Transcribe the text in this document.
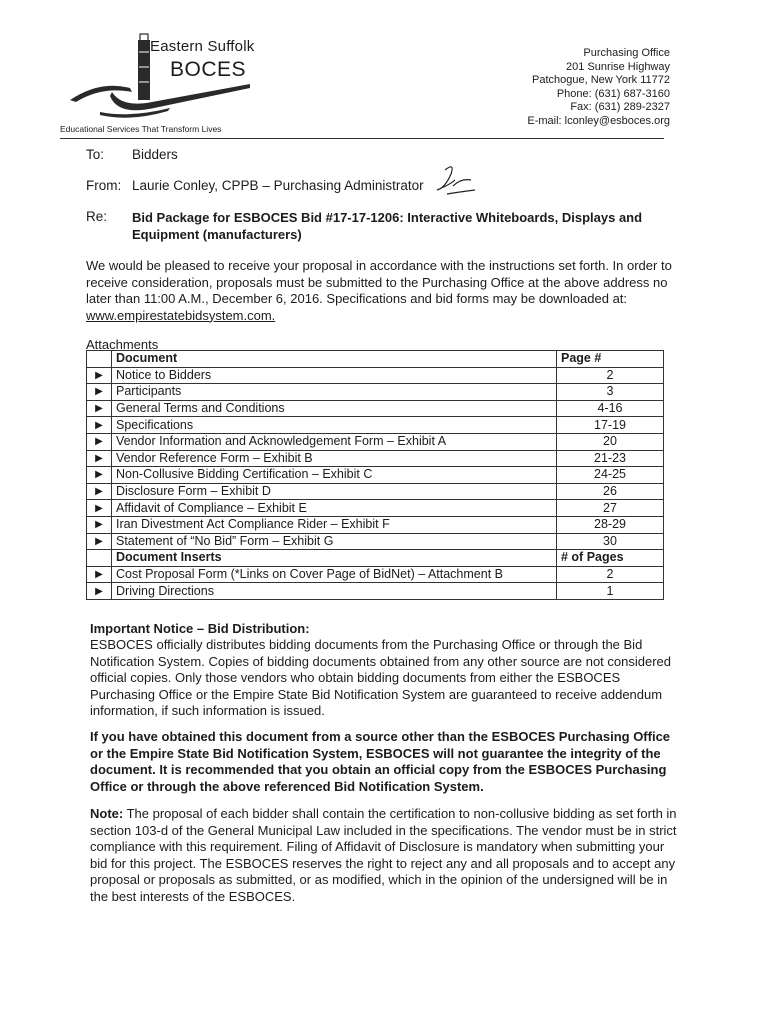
Eastern Suffolk
BOCES
Educational Services That Transform Lives
Purchasing Office
201 Sunrise Highway
Patchogue, New York 11772
Phone: (631) 687-3160
Fax: (631) 289-2327
E-mail: lconley@esboces.org
To: Bidders
From: Laurie Conley, CPPB – Purchasing Administrator
Re: Bid Package for ESBOCES Bid #17-17-1206: Interactive Whiteboards, Displays and Equipment (manufacturers)
We would be pleased to receive your proposal in accordance with the instructions set forth. In order to receive consideration, proposals must be submitted to the Purchasing Office at the above address no later than 11:00 A.M., December 6, 2016. Specifications and bid forms may be downloaded at: www.empirestatebidsystem.com.
Attachments
	Document	Page #
▶	Notice to Bidders	2
▶	Participants	3
▶	General Terms and Conditions	4-16
▶	Specifications	17-19
▶	Vendor Information and Acknowledgement Form – Exhibit A	20
▶	Vendor Reference Form – Exhibit B	21-23
▶	Non-Collusive Bidding Certification – Exhibit C	24-25
▶	Disclosure Form – Exhibit D	26
▶	Affidavit of Compliance – Exhibit E	27
▶	Iran Divestment Act Compliance Rider – Exhibit F	28-29
▶	Statement of “No Bid” Form – Exhibit G	30
	Document Inserts	# of Pages
▶	Cost Proposal Form (*Links on Cover Page of BidNet) – Attachment B	2
▶	Driving Directions	1
Important Notice – Bid Distribution:
ESBOCES officially distributes bidding documents from the Purchasing Office or through the Bid Notification System. Copies of bidding documents obtained from any other source are not considered official copies. Only those vendors who obtain bidding documents from either the ESBOCES Purchasing Office or the Empire State Bid Notification System are guaranteed to receive addendum information, if such information is issued.
If you have obtained this document from a source other than the ESBOCES Purchasing Office or the Empire State Bid Notification System, ESBOCES will not guarantee the integrity of the document. It is recommended that you obtain an official copy from the ESBOCES Purchasing Office or through the above referenced Bid Notification System.
Note: The proposal of each bidder shall contain the certification to non-collusive bidding as set forth in section 103-d of the General Municipal Law included in the specifications. The vendor must be in strict compliance with this requirement. Filing of Affidavit of Disclosure is mandatory when submitting your bid for this project. The ESBOCES reserves the right to reject any and all proposals and to accept any proposal or proposals as submitted, or as modified, which in the opinion of the undersigned will be in the best interests of the ESBOCES.
